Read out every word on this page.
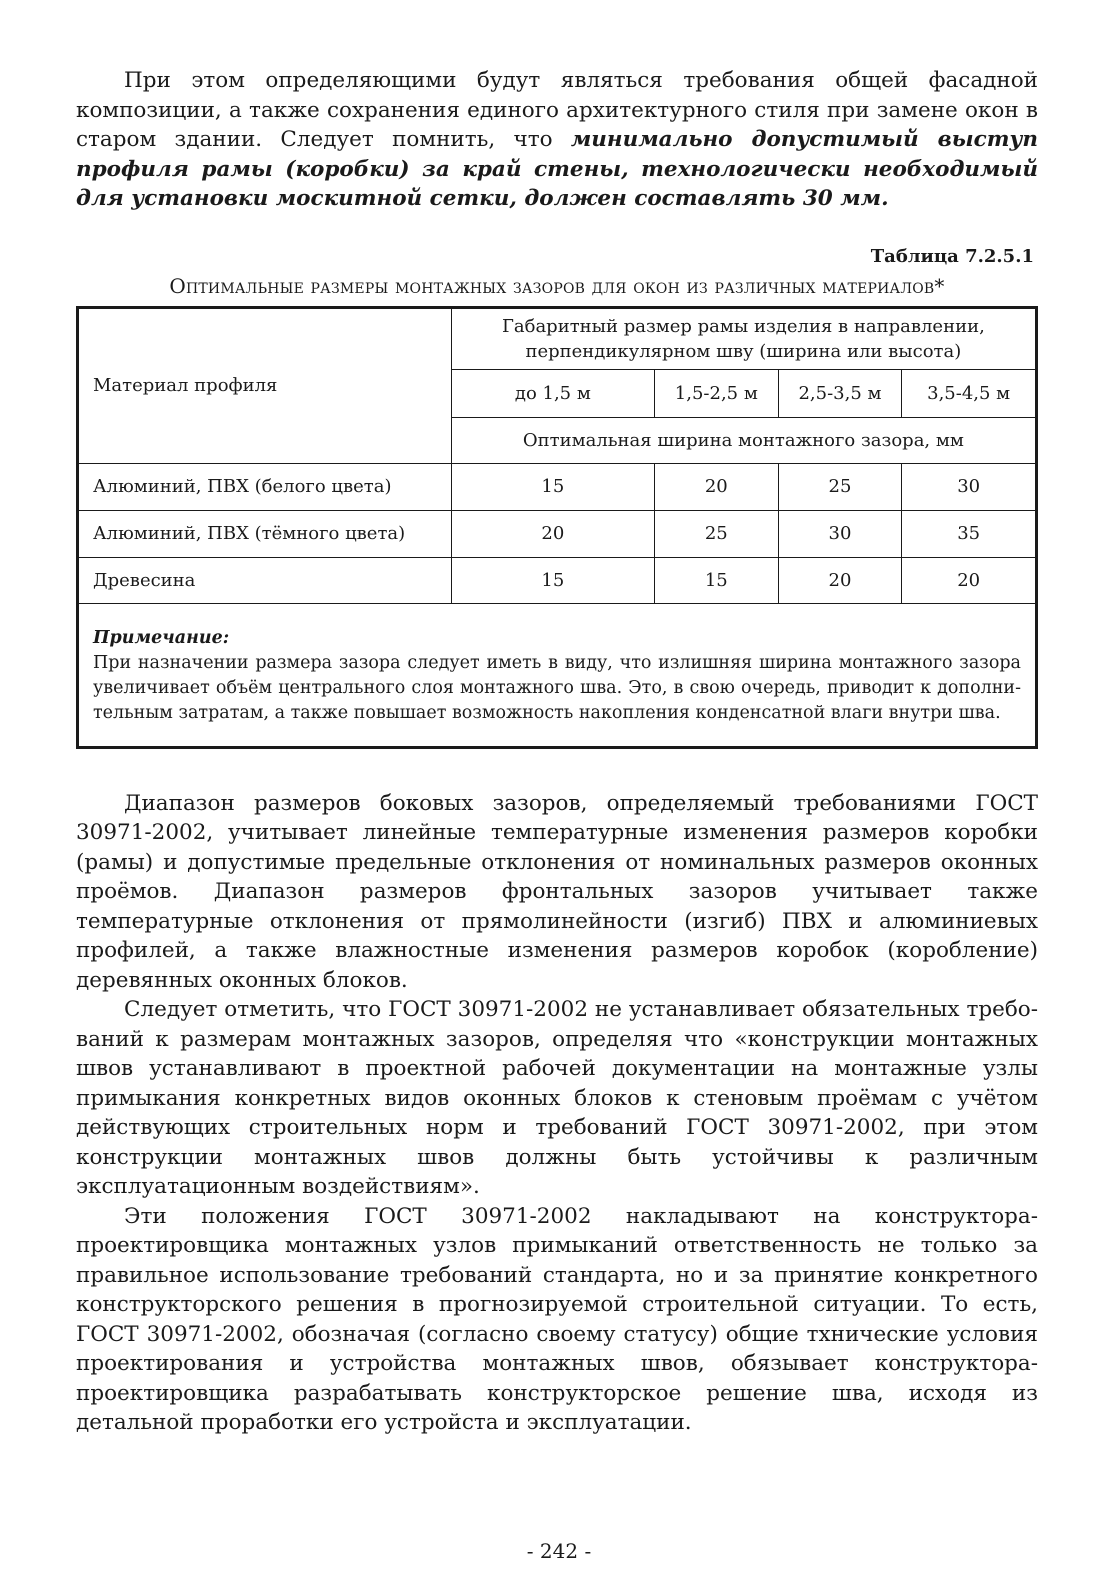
При этом определяющими будут являться требования общей фасадной композиции, а также сохранения единого архитектурного стиля при замене окон в старом здании. Следует помнить, что минимально допустимый выступ профиля рамы (коробки) за край стены, технологически необходимый для установки москитной сетки, должен составлять 30 мм.

Таблица 7.2.5.1
Оптимальные размеры монтажных зазоров для окон из различных материалов*
Материал профиля	Габаритный размер рамы изделия в направлении, перпендикулярном шву (ширина или высота)			
	до 1,5 м	1,5-2,5 м	2,5-3,5 м	3,5-4,5 м
	Оптимальная ширина монтажного зазора, мм			
Алюминий, ПВХ (белого цвета)	15	20	25	30
Алюминий, ПВХ (тёмного цвета)	20	25	30	35
Древесина	15	15	20	20

Примечание:
При назначении размера зазора следует иметь в виду, что излишняя ширина монтажного зазора увеличивает объём центрального слоя монтажного шва. Это, в свою очередь, приводит к дополнительным затратам, а также повышает возможность накопления конденсатной влаги внутри шва.				

Диапазон размеров боковых зазоров, определяемый требованиями ГОСТ 30971-2002, учитывает линейные температурные изменения размеров коробки (рамы) и допустимые предельные отклонения от номинальных размеров оконных проёмов. Диапазон размеров фронтальных зазоров учитывает также температурные отклонения от прямолинейности (изгиб) ПВХ и алюминиевых профилей, а также влажностные изменения размеров коробок (коробление) деревянных оконных блоков.

Следует отметить, что ГОСТ 30971-2002 не устанавливает обязательных требований к размерам монтажных зазоров, определяя что «конструкции монтажных швов устанавливают в проектной рабочей документации на монтажные узлы примыкания конкретных видов оконных блоков к стеновым проёмам с учётом действующих строительных норм и требований ГОСТ 30971-2002, при этом конструкции монтажных швов должны быть устойчивы к различным эксплуатационным воздействиям».

Эти положения ГОСТ 30971-2002 накладывают на конструктора-проектировщика монтажных узлов примыканий ответственность не только за правильное использование требований стандарта, но и за принятие конкретного конструкторского решения в прогнозируемой строительной ситуации. То есть, ГОСТ 30971-2002, обозначая (согласно своему статусу) общие тхнические условия проектирования и устройства монтажных швов, обязывает конструктора-проектировщика разрабатывать конструкторское решение шва, исходя из детальной проработки его устройста и эксплуатации.

- 242 -
